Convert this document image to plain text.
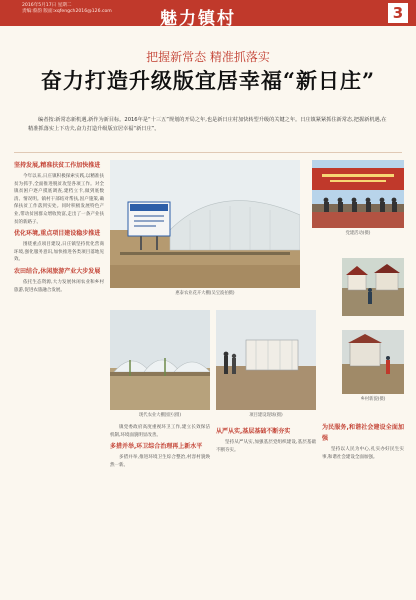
2016年5月17日 星期二
责编:蔡韵 版面:xqfengch2016@126.com	魅力镇村	3
把握新常态 精准抓落实
奋力打造升级版宜居幸福“新日庄”

编者按:新常态新机遇,新作为新目标。2016年是“十三五”规划的开局之年,也是新日庄村加快转型升级的关键之年。日庄镇紧紧抓住新常态,把握新机遇,在精准抓落实上下功夫,奋力打造升级版宜居幸福“新日庄”。

坚持发展,精准扶贫工作加快推进

今年以来,日庄镇积极探索实践,以精准扶贫为抓手,全面推进脱贫攻坚各项工作。对全镇贫困户逐户摸底调查,建档立卡,做到底数清、情况明。镇村干部结对帮扶,因户施策,确保扶贫工作落到实处。同时积极发展特色产业,带动贫困群众增收致富,走出了一条产业扶贫的新路子。

优化环境,重点项目建设稳步推进

围绕重点项目建设,日庄镇坚持优化营商环境,强化服务意识,加快推进各类项目落地见效。

农田结合,休闲旅游产业大步发展

依托生态资源,大力发展休闲农业和乡村旅游,促进农旅融合发展。

惠泰农业花卉大棚(吴宝波拍摄)
党建活动(摄)
现代农业大棚园区(摄)	项目建设现场(摄)
乡村新貌(摄)

镇党委政府高度重视环卫工作,建立长效保洁机制,环境面貌明显改善。

多措并举,环卫综合治理再上新水平

多措并举,推进环境卫生综合整治,村容村貌焕然一新。

从严从实,基层基础不断夯实

坚持从严从实,加强基层党组织建设,基层基础不断夯实。

为民服务,和谐社会建设全面加强

坚持以人民为中心,扎实办好民生实事,和谐社会建设全面加强。
